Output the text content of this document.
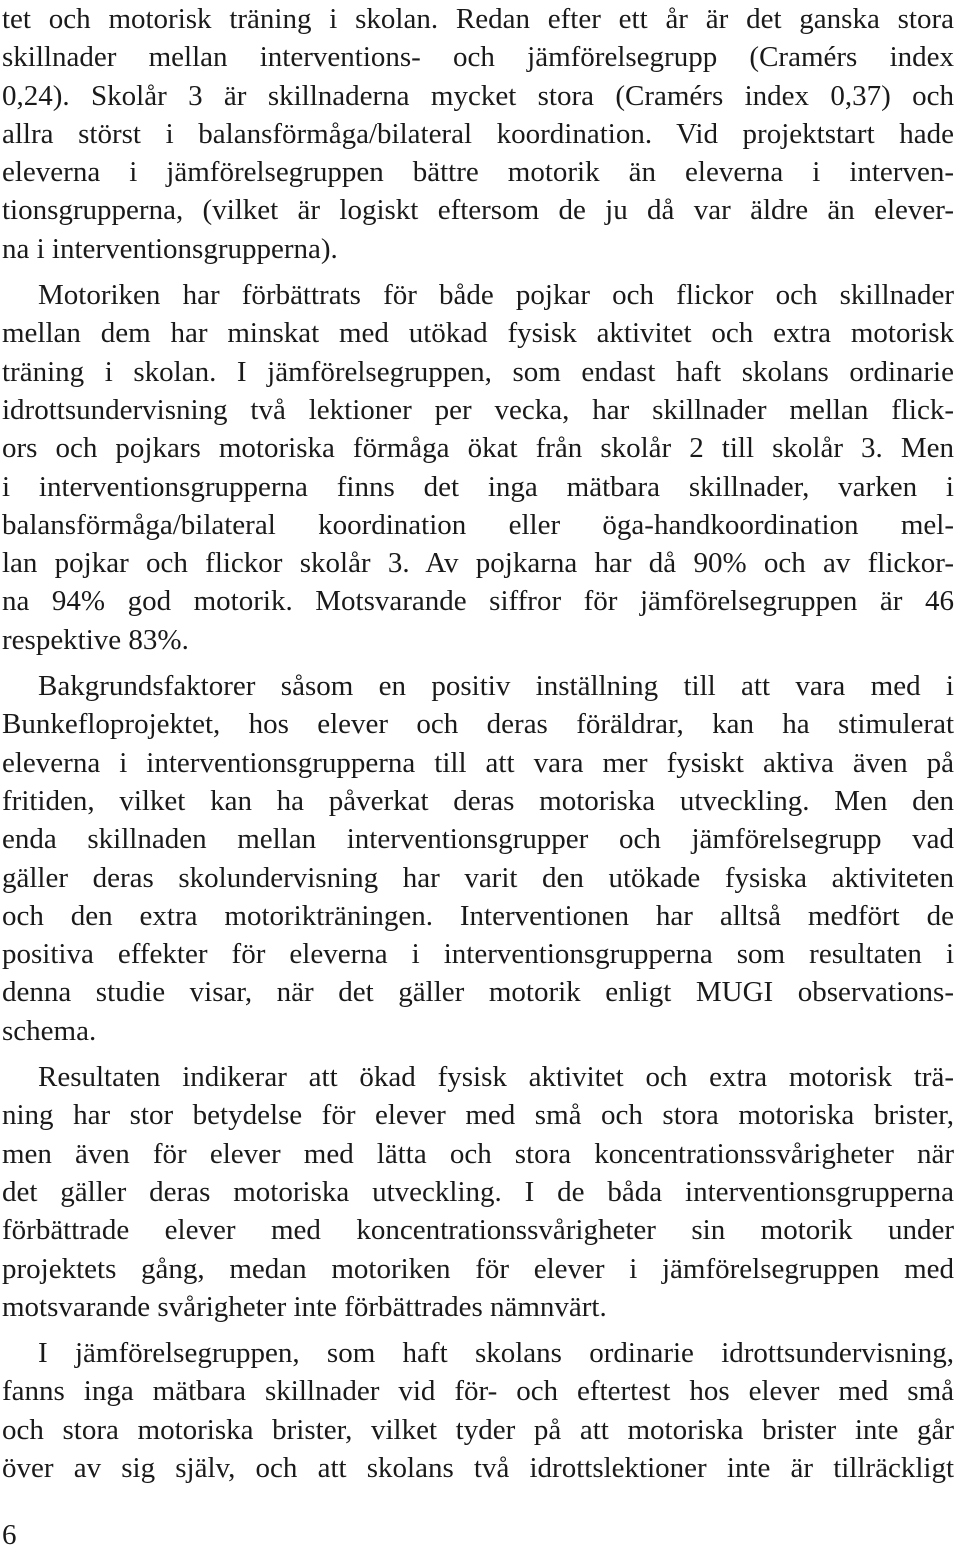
tet och motorisk träning i skolan. Redan efter ett år är det ganska stora
skillnader mellan interventions- och jämförelsegrupp (Cramérs index
0,24). Skolår 3 är skillnaderna mycket stora (Cramérs index 0,37) och
allra störst i balansförmåga/bilateral koordination. Vid projektstart hade
eleverna i jämförelsegruppen bättre motorik än eleverna i interven-
tionsgrupperna, (vilket är logiskt eftersom de ju då var äldre än elever-
na i interventionsgrupperna).

Motoriken har förbättrats för både pojkar och flickor och skillnader
mellan dem har minskat med utökad fysisk aktivitet och extra motorisk
träning i skolan. I jämförelsegruppen, som endast haft skolans ordinarie
idrottsundervisning två lektioner per vecka, har skillnader mellan flick-
ors och pojkars motoriska förmåga ökat från skolår 2 till skolår 3. Men
i interventionsgrupperna finns det inga mätbara skillnader, varken i
balansförmåga/bilateral koordination eller öga-handkoordination mel-
lan pojkar och flickor skolår 3. Av pojkarna har då 90% och av flickor-
na 94% god motorik. Motsvarande siffror för jämförelsegruppen är 46
respektive 83%.

Bakgrundsfaktorer såsom en positiv inställning till att vara med i
Bunkefloprojektet, hos elever och deras föräldrar, kan ha stimulerat
eleverna i interventionsgrupperna till att vara mer fysiskt aktiva även på
fritiden, vilket kan ha påverkat deras motoriska utveckling. Men den
enda skillnaden mellan interventionsgrupper och jämförelsegrupp vad
gäller deras skolundervisning har varit den utökade fysiska aktiviteten
och den extra motorikträningen. Interventionen har alltså medfört de
positiva effekter för eleverna i interventionsgrupperna som resultaten i
denna studie visar, när det gäller motorik enligt MUGI observations-
schema.

Resultaten indikerar att ökad fysisk aktivitet och extra motorisk trä-
ning har stor betydelse för elever med små och stora motoriska brister,
men även för elever med lätta och stora koncentrationssvårigheter när
det gäller deras motoriska utveckling. I de båda interventionsgrupperna
förbättrade elever med koncentrationssvårigheter sin motorik under
projektets gång, medan motoriken för elever i jämförelsegruppen med
motsvarande svårigheter inte förbättrades nämnvärt.

I jämförelsegruppen, som haft skolans ordinarie idrottsundervisning,
fanns inga mätbara skillnader vid för- och eftertest hos elever med små
och stora motoriska brister, vilket tyder på att motoriska brister inte går
över av sig själv, och att skolans två idrottslektioner inte är tillräckligt

6
